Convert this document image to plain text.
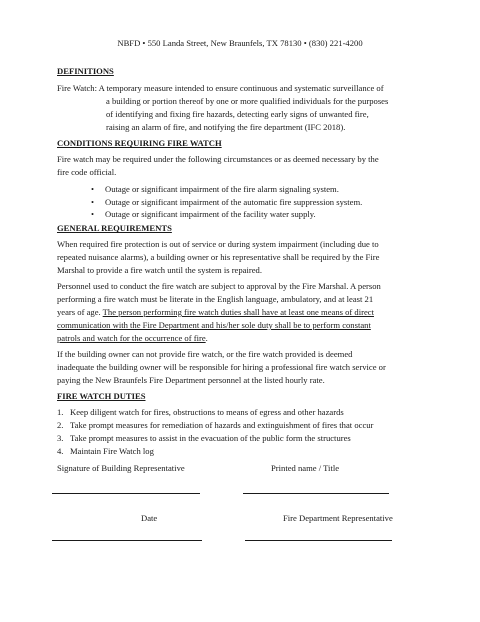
NBFD • 550 Landa Street, New Braunfels, TX 78130 • (830) 221-4200
DEFINITIONS
Fire Watch: A temporary measure intended to ensure continuous and systematic surveillance of
a building or portion thereof by one or more qualified individuals for the purposes
of identifying and fixing fire hazards, detecting early signs of unwanted fire,
raising an alarm of fire, and notifying the fire department (IFC 2018).
CONDITIONS REQUIRING FIRE WATCH
Fire watch may be required under the following circumstances or as deemed necessary by the
fire code official.
• Outage or significant impairment of the fire alarm signaling system.
• Outage or significant impairment of the automatic fire suppression system.
• Outage or significant impairment of the facility water supply.
GENERAL REQUIREMENTS
When required fire protection is out of service or during system impairment (including due to
repeated nuisance alarms), a building owner or his representative shall be required by the Fire
Marshal to provide a fire watch until the system is repaired.
Personnel used to conduct the fire watch are subject to approval by the Fire Marshal. A person
performing a fire watch must be literate in the English language, ambulatory, and at least 21
years of age. The person performing fire watch duties shall have at least one means of direct
communication with the Fire Department and his/her sole duty shall be to perform constant
patrols and watch for the occurrence of fire.
If the building owner can not provide fire watch, or the fire watch provided is deemed
inadequate the building owner will be responsible for hiring a professional fire watch service or
paying the New Braunfels Fire Department personnel at the listed hourly rate.
FIRE WATCH DUTIES
1. Keep diligent watch for fires, obstructions to means of egress and other hazards
2. Take prompt measures for remediation of hazards and extinguishment of fires that occur
3. Take prompt measures to assist in the evacuation of the public form the structures
4. Maintain Fire Watch log
Signature of Building Representative	Printed name / Title
Date	Fire Department Representative
